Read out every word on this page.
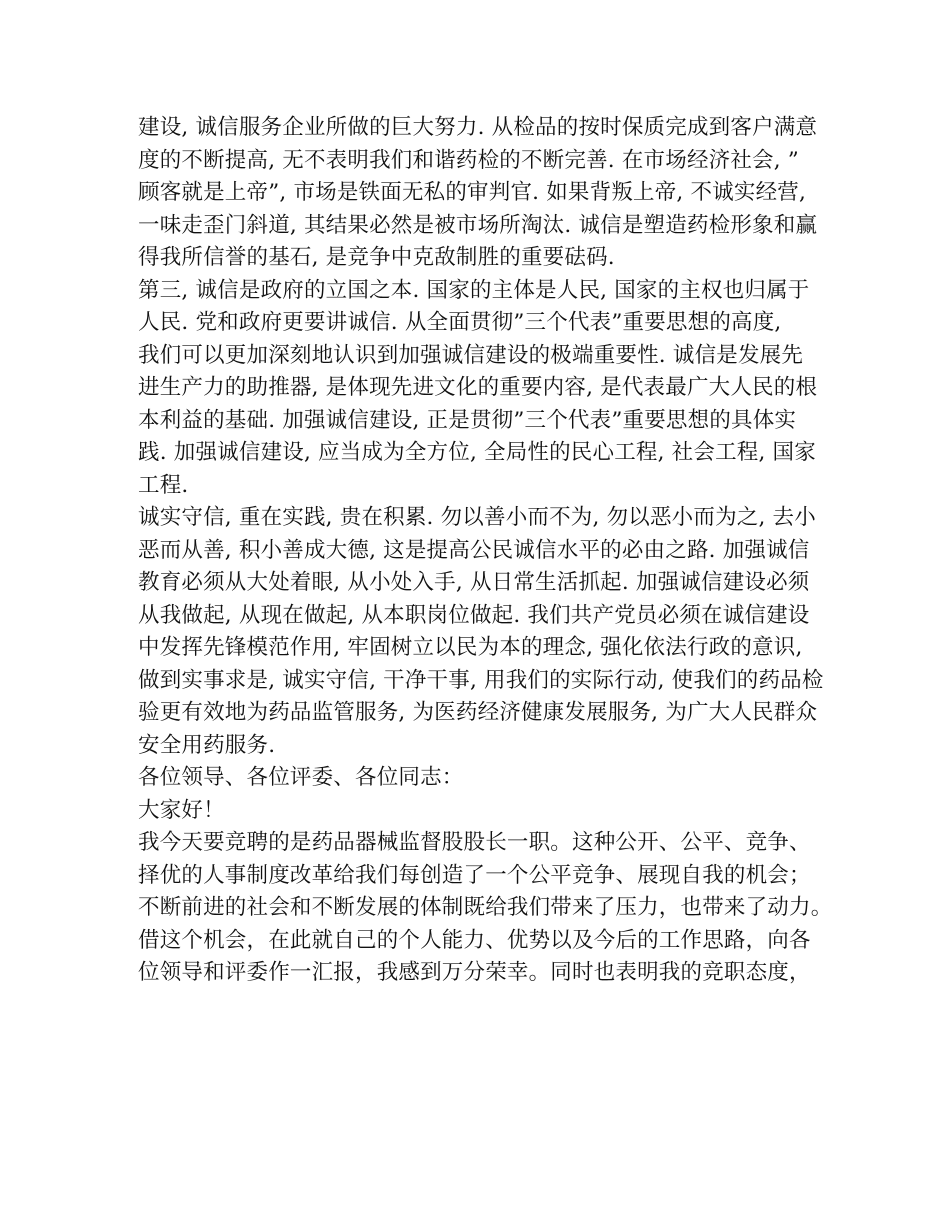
建设, 诚信服务企业所做的巨大努力. 从检品的按时保质完成到客户满意
度的不断提高, 无不表明我们和谐药检的不断完善. 在市场经济社会, ”
顾客就是上帝”, 市场是铁面无私的审判官. 如果背叛上帝, 不诚实经营,
一味走歪门斜道, 其结果必然是被市场所淘汰. 诚信是塑造药检形象和赢
得我所信誉的基石, 是竞争中克敌制胜的重要砝码.
第三, 诚信是政府的立国之本. 国家的主体是人民, 国家的主权也归属于
人民. 党和政府更要讲诚信. 从全面贯彻”三个代表”重要思想的高度,
我们可以更加深刻地认识到加强诚信建设的极端重要性. 诚信是发展先
进生产力的助推器, 是体现先进文化的重要内容, 是代表最广大人民的根
本利益的基础. 加强诚信建设, 正是贯彻”三个代表”重要思想的具体实
践. 加强诚信建设, 应当成为全方位, 全局性的民心工程, 社会工程, 国家
工程.
诚实守信, 重在实践, 贵在积累. 勿以善小而不为, 勿以恶小而为之, 去小
恶而从善, 积小善成大德, 这是提高公民诚信水平的必由之路. 加强诚信
教育必须从大处着眼, 从小处入手, 从日常生活抓起. 加强诚信建设必须
从我做起, 从现在做起, 从本职岗位做起. 我们共产党员必须在诚信建设
中发挥先锋模范作用, 牢固树立以民为本的理念, 强化依法行政的意识,
做到实事求是, 诚实守信, 干净干事, 用我们的实际行动, 使我们的药品检
验更有效地为药品监管服务, 为医药经济健康发展服务, 为广大人民群众
安全用药服务.
各位领导、各位评委、各位同志：
大家好！
我今天要竞聘的是药品器械监督股股长一职。这种公开、公平、竞争、
择优的人事制度改革给我们每创造了一个公平竞争、展现自我的机会；
不断前进的社会和不断发展的体制既给我们带来了压力，也带来了动力。
借这个机会，在此就自己的个人能力、优势以及今后的工作思路，向各
位领导和评委作一汇报，我感到万分荣幸。同时也表明我的竞职态度，
